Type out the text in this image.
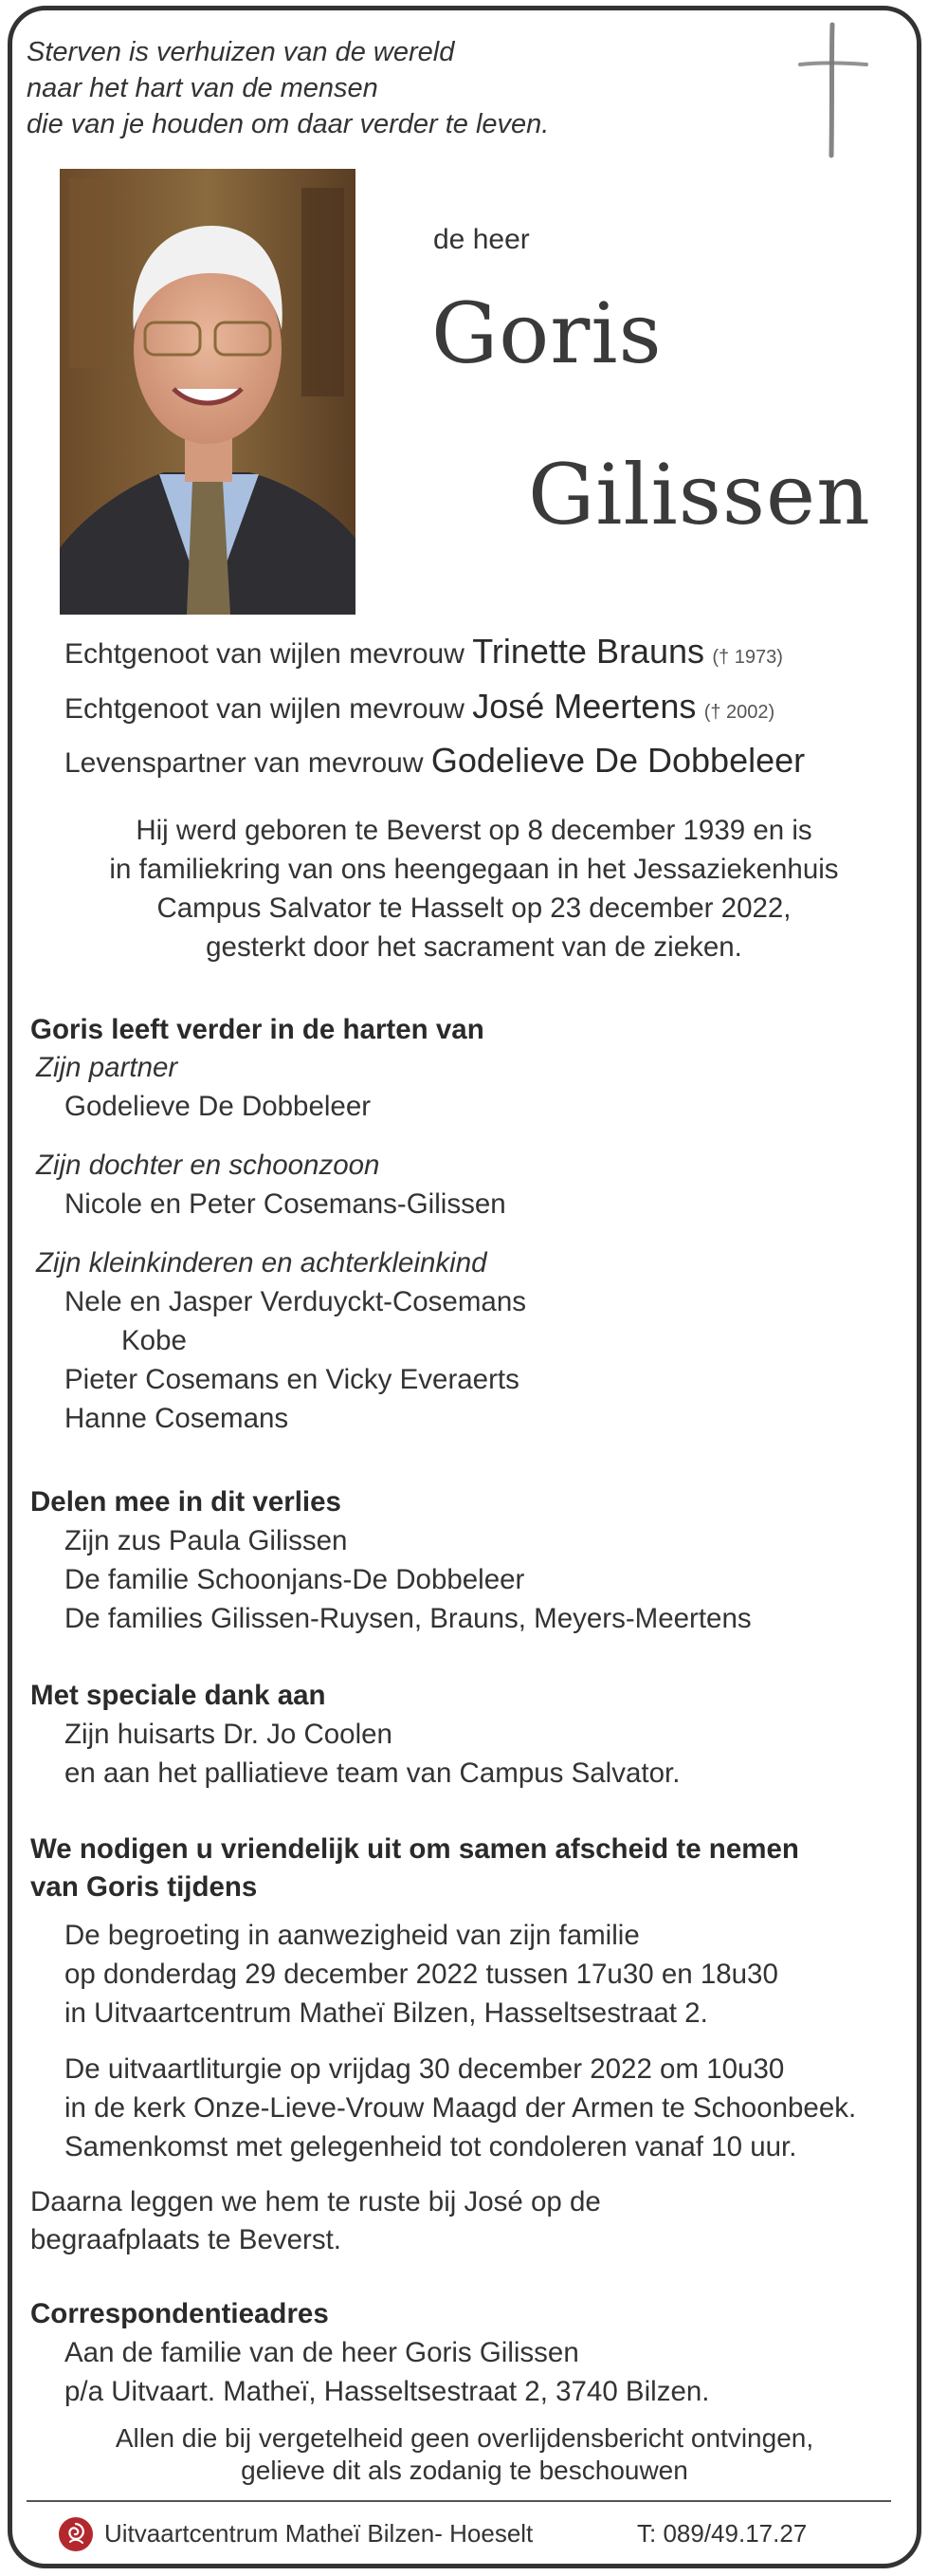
Sterven is verhuizen van de wereld
naar het hart van de mensen
die van je houden om daar verder te leven.
de heer
Goris
Gilissen
Echtgenoot van wijlen mevrouw Trinette Brauns († 1973)
Echtgenoot van wijlen mevrouw José Meertens († 2002)
Levenspartner van mevrouw Godelieve De Dobbeleer
Hij werd geboren te Beverst op 8 december 1939 en is
in familiekring van ons heengegaan in het Jessaziekenhuis
Campus Salvator te Hasselt op 23 december 2022,
gesterkt door het sacrament van de zieken.
Goris leeft verder in de harten van
Zijn partner
Godelieve De Dobbeleer
Zijn dochter en schoonzoon
Nicole en Peter Cosemans-Gilissen
Zijn kleinkinderen en achterkleinkind
Nele en Jasper Verduyckt-Cosemans
Kobe
Pieter Cosemans en Vicky Everaerts
Hanne Cosemans
Delen mee in dit verlies
Zijn zus Paula Gilissen
De familie Schoonjans-De Dobbeleer
De families Gilissen-Ruysen, Brauns, Meyers-Meertens
Met speciale dank aan
Zijn huisarts Dr. Jo Coolen
en aan het palliatieve team van Campus Salvator.
We nodigen u vriendelijk uit om samen afscheid te nemen
van Goris tijdens
De begroeting in aanwezigheid van zijn familie
op donderdag 29 december 2022 tussen 17u30 en 18u30
in Uitvaartcentrum Matheï Bilzen, Hasseltsestraat 2.
De uitvaartliturgie op vrijdag 30 december 2022 om 10u30
in de kerk Onze-Lieve-Vrouw Maagd der Armen te Schoonbeek.
Samenkomst met gelegenheid tot condoleren vanaf 10 uur.
Daarna leggen we hem te ruste bij José op de
begraafplaats te Beverst.
Correspondentieadres
Aan de familie van de heer Goris Gilissen
p/a Uitvaart. Matheï, Hasseltsestraat 2, 3740 Bilzen.
Allen die bij vergetelheid geen overlijdensbericht ontvingen,
gelieve dit als zodanig te beschouwen
Uitvaartcentrum Matheï Bilzen- Hoeselt	T: 089/49.17.27
